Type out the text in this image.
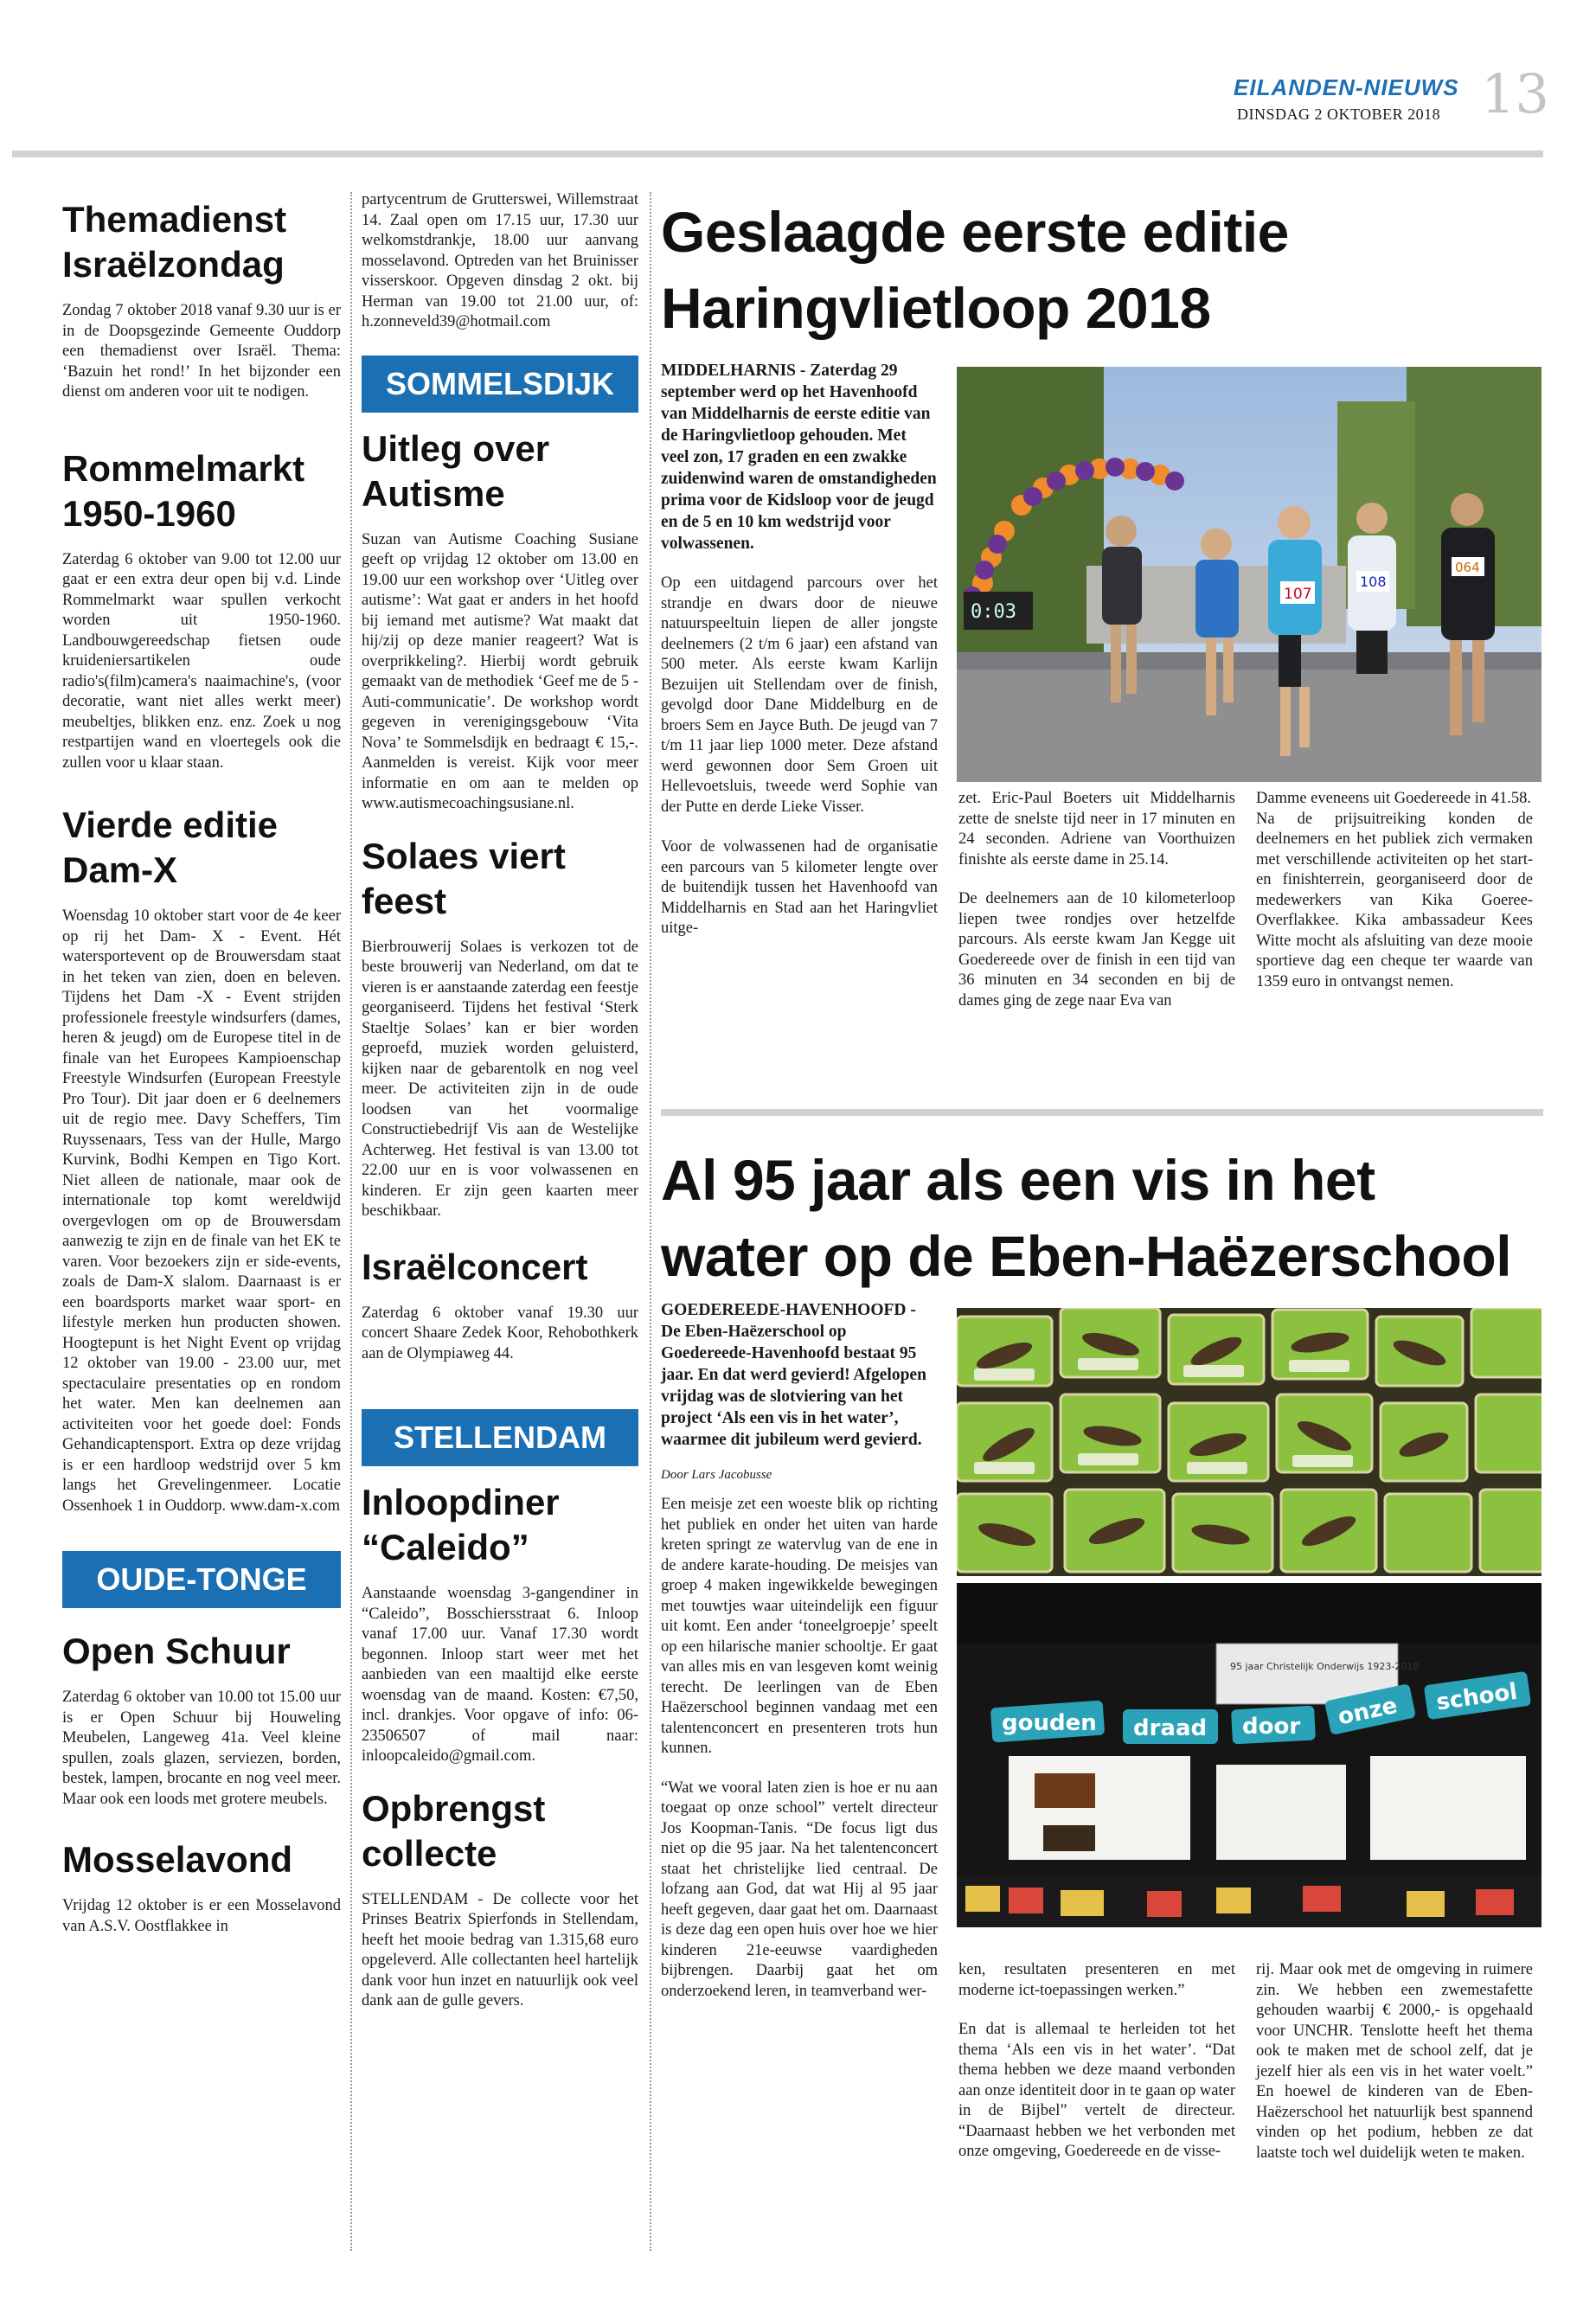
EILANDEN-NIEUWS
DINSDAG 2 OKTOBER 2018 13
Themadienst Israëlzondag

Zondag 7 oktober 2018 vanaf 9.30 uur is er in de Doopsgezinde Gemeente Ouddorp een themadienst over Israël. Thema: ‘Bazuin het rond!’ In het bijzonder een dienst om anderen voor uit te nodigen.

Rommelmarkt 1950-1960

Zaterdag 6 oktober van 9.00 tot 12.00 uur gaat er een extra deur open bij v.d. Linde Rommelmarkt waar spullen verkocht worden uit 1950-1960. Landbouwgereedschap fietsen oude kruideniersartikelen oude radio's(film)camera's naaimachine's, (voor decoratie, want niet alles werkt meer) meubeltjes, blikken enz. enz. Zoek u nog restpartijen wand en vloertegels ook die zullen voor u klaar staan.

Vierde editie Dam-X

Woensdag 10 oktober start voor de 4e keer op rij het Dam- X - Event. Hét watersportevent op de Brouwersdam staat in het teken van zien, doen en beleven. Tijdens het Dam -X - Event strijden professionele freestyle windsurfers (dames, heren & jeugd) om de Europese titel in de finale van het Europees Kampioenschap Freestyle Windsurfen (European Freestyle Pro Tour). Dit jaar doen er 6 deelnemers uit de regio mee. Davy Scheffers, Tim Ruyssenaars, Tess van der Hulle, Margo Kurvink, Bodhi Kempen en Tigo Kort. Niet alleen de nationale, maar ook de internationale top komt wereldwijd overgevlogen om op de Brouwersdam aanwezig te zijn en de finale van het EK te varen. Voor bezoekers zijn er side-events, zoals de Dam-X slalom. Daarnaast is er een boardsports market waar sport- en lifestyle merken hun producten showen. Hoogtepunt is het Night Event op vrijdag 12 oktober van 19.00 - 23.00 uur, met spectaculaire presentaties op en rondom het water. Men kan deelnemen aan activiteiten voor het goede doel: Fonds Gehandicaptensport. Extra op deze vrijdag is er een hardloop wedstrijd over 5 km langs het Grevelingenmeer. Locatie Ossenhoek 1 in Ouddorp. www.dam-x.com

OUDE-TONGE
Open Schuur

Zaterdag 6 oktober van 10.00 tot 15.00 uur is er Open Schuur bij Houweling Meubelen, Langeweg 41a. Veel kleine spullen, zoals glazen, serviezen, borden, bestek, lampen, brocante en nog veel meer. Maar ook een loods met grotere meubels.

Mosselavond

Vrijdag 12 oktober is er een Mosselavond van A.S.V. Oostflakkee in

partycentrum de Grutterswei, Willemstraat 14. Zaal open om 17.15 uur, 17.30 uur welkomstdrankje, 18.00 uur aanvang mosselavond. Optreden van het Bruinisser visserskoor. Opgeven dinsdag 2 okt. bij Herman van 19.00 tot 21.00 uur, of: h.zonneveld39@hotmail.com

SOMMELSDIJK
Uitleg over Autisme

Suzan van Autisme Coaching Susiane geeft op vrijdag 12 oktober om 13.00 en 19.00 uur een workshop over ‘Uitleg over autisme’: Wat gaat er anders in het hoofd bij iemand met autisme? Wat maakt dat hij/zij op deze manier reageert? Wat is overprikkeling?. Hierbij wordt gebruik gemaakt van de methodiek ‘Geef me de 5 - Auti-communicatie’. De workshop wordt gegeven in verenigingsgebouw ‘Vita Nova’ te Sommelsdijk en bedraagt € 15,-. Aanmelden is vereist. Kijk voor meer informatie en om aan te melden op www.autismecoachingsusiane.nl.

Solaes viert feest

Bierbrouwerij Solaes is verkozen tot de beste brouwerij van Nederland, om dat te vieren is er aanstaande zaterdag een feestje georganiseerd. Tijdens het festival ‘Sterk Staeltje Solaes’ kan er bier worden geproefd, muziek worden geluisterd, kijken naar de gebarentolk en nog veel meer. De activiteiten zijn in de oude loodsen van het voormalige Constructiebedrijf Vis aan de Westelijke Achterweg. Het festival is van 13.00 tot 22.00 uur en is voor volwassenen en kinderen. Er zijn geen kaarten meer beschikbaar.

Israëlconcert

Zaterdag 6 oktober vanaf 19.30 uur concert Shaare Zedek Koor, Rehobothkerk aan de Olympiaweg 44.

STELLENDAM
Inloopdiner “Caleido”

Aanstaande woensdag 3-gangendiner in “Caleido”, Bosschiersstraat 6. Inloop vanaf 17.00 uur. Vanaf 17.30 wordt begonnen. Inloop start weer met het aanbieden van een maaltijd elke eerste woensdag van de maand. Kosten: €7,50, incl. drankjes. Voor opgave of info: 06-23506507 of mail naar: inloopcaleido@gmail.com.

Opbrengst collecte

STELLENDAM - De collecte voor het Prinses Beatrix Spierfonds in Stellendam, heeft het mooie bedrag van 1.315,68 euro opgeleverd. Alle collectanten heel hartelijk dank voor hun inzet en natuurlijk ook veel dank aan de gulle gevers.

Geslaagde eerste editie Haringvlietloop 2018

MIDDELHARNIS - Zaterdag 29 september werd op het Havenhoofd van Middelharnis de eerste editie van de Haringvlietloop gehouden. Met veel zon, 17 graden en een zwakke zuidenwind waren de omstandigheden prima voor de Kidsloop voor de jeugd en de 5 en 10 km wedstrijd voor volwassenen.

Op een uitdagend parcours over het strandje en dwars door de nieuwe natuurspeeltuin liepen de aller jongste deelnemers (2 t/m 6 jaar) een afstand van 500 meter. Als eerste kwam Karlijn Bezuijen uit Stellendam over de finish, gevolgd door Dane Middelburg en de broers Sem en Jayce Buth. De jeugd van 7 t/m 11 jaar liep 1000 meter. Deze afstand werd gewonnen door Sem Groen uit Hellevoetsluis, tweede werd Sophie van der Putte en derde Lieke Visser.

Voor de volwassenen had de organisatie een parcours van 5 kilometer lengte over de buitendijk tussen het Havenhoofd van Middelharnis en Stad aan het Haringvliet uitge-

0:03
107
108
064

zet. Eric-Paul Boeters uit Middelharnis zette de snelste tijd neer in 17 minuten en 24 seconden. Adriene van Voorthuizen finishte als eerste dame in 25.14.

De deelnemers aan de 10 kilometerloop liepen twee rondjes over hetzelfde parcours. Als eerste kwam Jan Kegge uit Goedereede over de finish in een tijd van 36 minuten en 34 seconden en bij de dames ging de zege naar Eva van

Damme eveneens uit Goedereede in 41.58.

Na de prijsuitreiking konden de deelnemers en het publiek zich vermaken met verschillende activiteiten op het start- en finishterrein, georganiseerd door de medewerkers van Kika Goeree-Overflakkee. Kika ambassadeur Kees Witte mocht als afsluiting van deze mooie sportieve dag een cheque ter waarde van 1359 euro in ontvangst nemen.

Al 95 jaar als een vis in het water op de Eben-Haëzerschool

GOEDEREEDE-HAVENHOOFD - De Eben-Haëzerschool op Goedereede-Havenhoofd bestaat 95 jaar. En dat werd gevierd! Afgelopen vrijdag was de slotviering van het project ‘Als een vis in het water’, waarmee dit jubileum werd gevierd.

Door Lars Jacobusse

Een meisje zet een woeste blik op richting het publiek en onder het uiten van harde kreten springt ze watervlug van de ene in de andere karate-houding. De meisjes van groep 4 maken ingewikkelde bewegingen met touwtjes waar uiteindelijk een figuur uit komt. Een ander ‘toneelgroepje’ speelt op een hilarische manier schooltje. Er gaat van alles mis en van lesgeven komt weinig terecht. De leerlingen van de Eben Haëzerschool beginnen vandaag met een talentenconcert en presenteren trots hun kunnen.

“Wat we vooral laten zien is hoe er nu aan toegaat op onze school” vertelt directeur Jos Koopman-Tanis. “De focus ligt dus niet op die 95 jaar. Na het talentenconcert staat het christelijke lied centraal. De lofzang aan God, dat wat Hij al 95 jaar heeft gegeven, daar gaat het om. Daarnaast is deze dag een open huis over hoe we hier kinderen 21e-eeuwse vaardigheden bijbrengen. Daarbij gaat het om onderzoekend leren, in teamverband wer-

95 jaar Christelijk Onderwijs 1923-2018
gouden draad door onze school

ken, resultaten presenteren en met moderne ict-toepassingen werken.”

En dat is allemaal te herleiden tot het thema ‘Als een vis in het water’. “Dat thema hebben we deze maand verbonden aan onze identiteit door in te gaan op water in de Bijbel” vertelt de directeur. “Daarnaast hebben we het verbonden met onze omgeving, Goedereede en de visse-

rij. Maar ook met de omgeving in ruimere zin. We hebben een zwemestafette gehouden waarbij € 2000,- is opgehaald voor UNCHR. Tenslotte heeft het thema ook te maken met de school zelf, dat je jezelf hier als een vis in het water voelt.” En hoewel de kinderen van de Eben-Haëzerschool het natuurlijk best spannend vinden op het podium, hebben ze dat laatste toch wel duidelijk weten te maken.
